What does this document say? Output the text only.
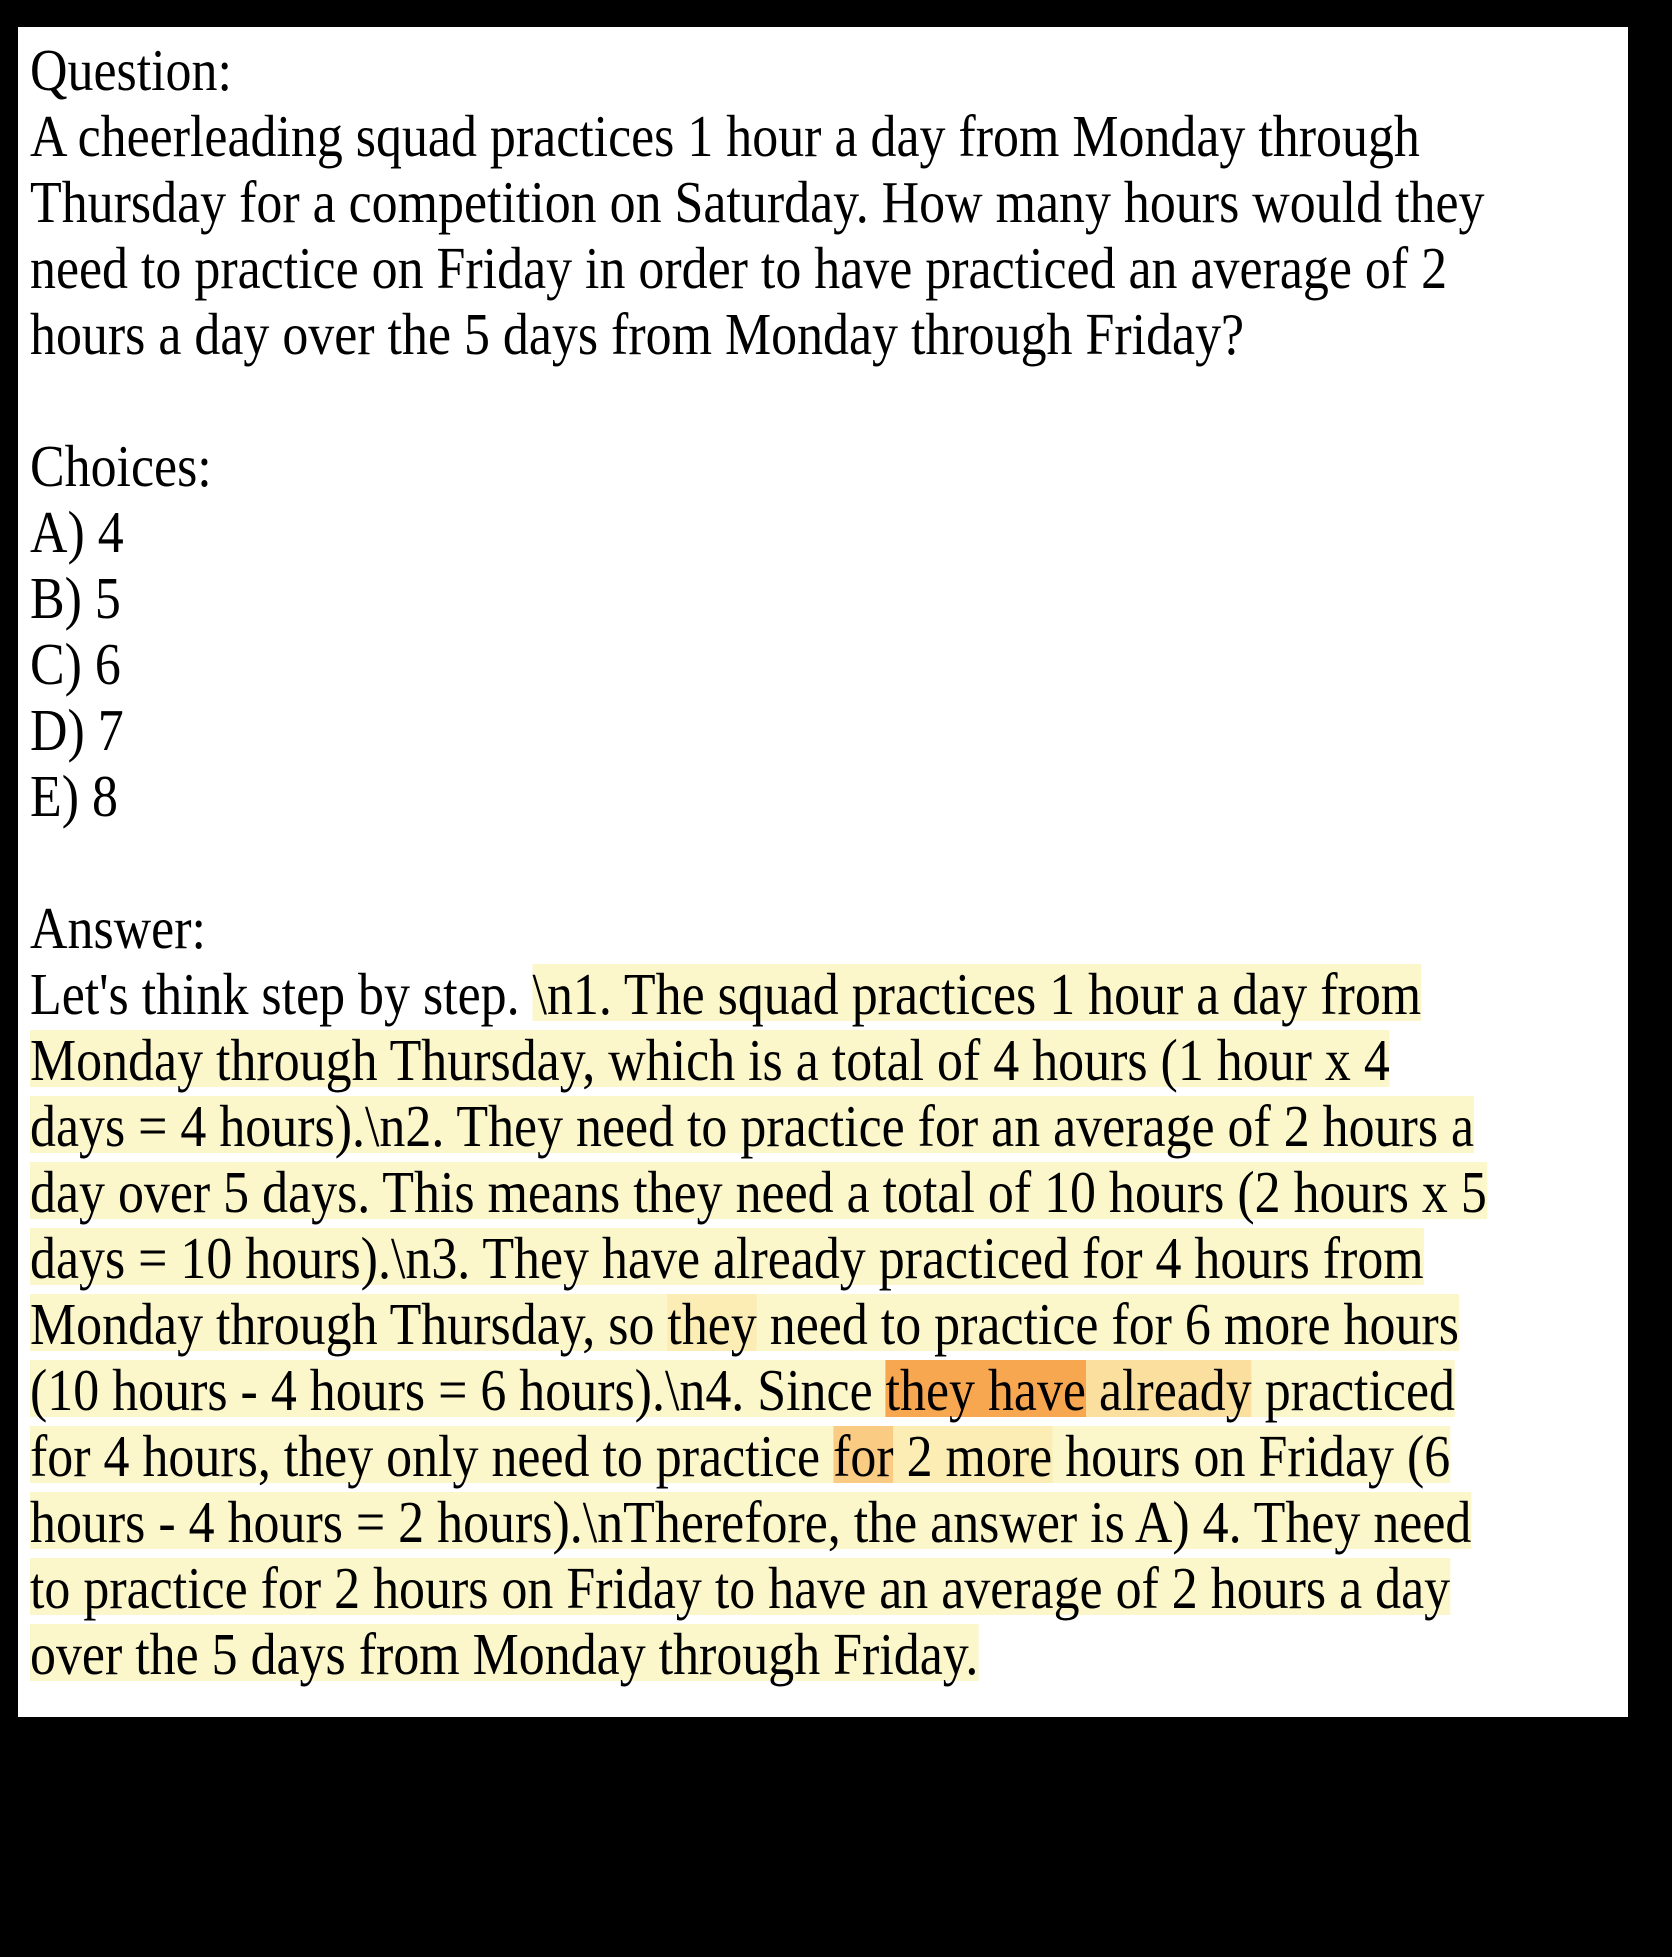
Question:
A cheerleading squad practices 1 hour a day from Monday through
Thursday for a competition on Saturday. How many hours would they
need to practice on Friday in order to have practiced an average of 2
hours a day over the 5 days from Monday through Friday?
Choices:
A) 4
B) 5
C) 6
D) 7
E) 8
Answer:
Let's think step by step. \n1. The squad practices 1 hour a day from
Monday through Thursday, which is a total of 4 hours (1 hour x 4
days = 4 hours).\n2. They need to practice for an average of 2 hours a
day over 5 days. This means they need a total of 10 hours (2 hours x 5
days = 10 hours).\n3. They have already practiced for 4 hours from
Monday through Thursday, so they need to practice for 6 more hours
(10 hours - 4 hours = 6 hours).\n4. Since they have already practiced
for 4 hours, they only need to practice for 2 more hours on Friday (6
hours - 4 hours = 2 hours).\nTherefore, the answer is A) 4. They need
to practice for 2 hours on Friday to have an average of 2 hours a day
over the 5 days from Monday through Friday.
